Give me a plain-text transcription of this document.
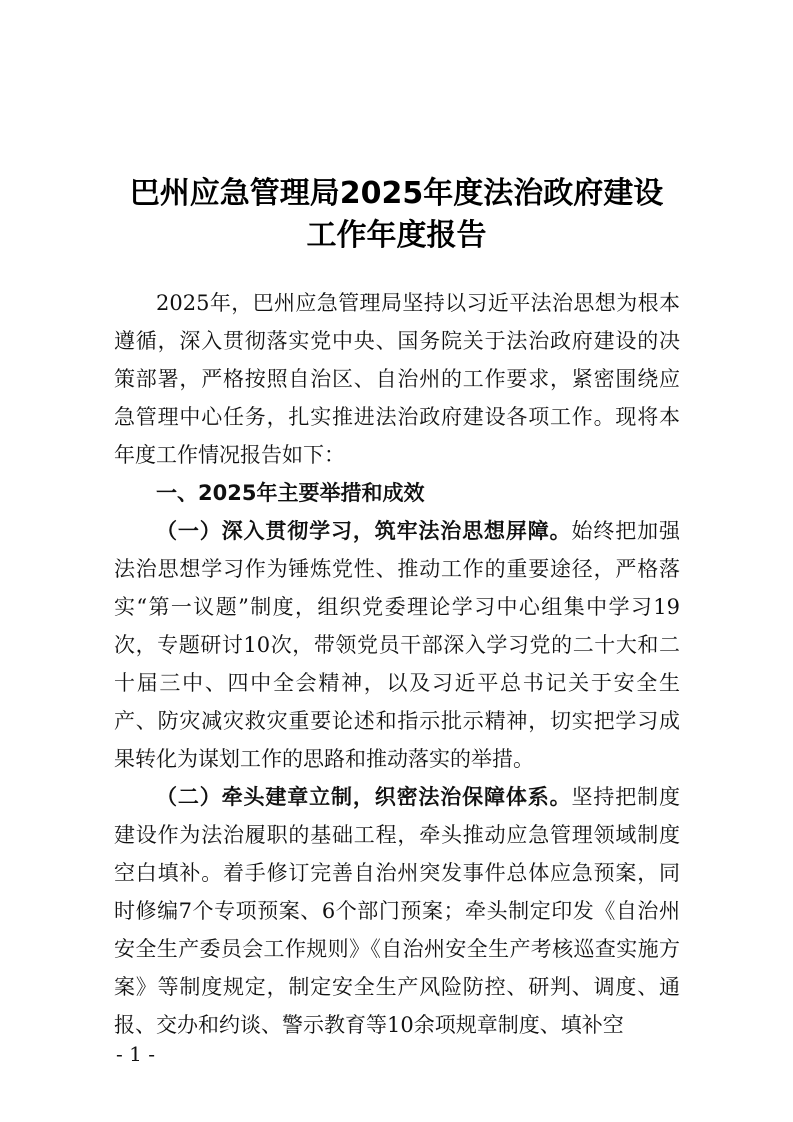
巴州应急管理局2025年度法治政府建设
工作年度报告

2025年，巴州应急管理局坚持以习近平法治思想为根本遵循，深入贯彻落实党中央、国务院关于法治政府建设的决策部署，严格按照自治区、自治州的工作要求，紧密围绕应急管理中心任务，扎实推进法治政府建设各项工作。现将本年度工作情况报告如下：

一、2025年主要举措和成效

（一）深入贯彻学习，筑牢法治思想屏障。始终把加强法治思想学习作为锤炼党性、推动工作的重要途径，严格落实“第一议题”制度，组织党委理论学习中心组集中学习19次，专题研讨10次，带领党员干部深入学习党的二十大和二十届三中、四中全会精神，以及习近平总书记关于安全生产、防灾减灾救灾重要论述和指示批示精神，切实把学习成果转化为谋划工作的思路和推动落实的举措。

（二）牵头建章立制，织密法治保障体系。坚持把制度建设作为法治履职的基础工程，牵头推动应急管理领域制度空白填补。着手修订完善自治州突发事件总体应急预案，同时修编7个专项预案、6个部门预案；牵头制定印发《自治州安全生产委员会工作规则》《自治州安全生产考核巡查实施方案》等制度规定，制定安全生产风险防控、研判、调度、通报、交办和约谈、警示教育等10余项规章制度、填补空

- 1 -
